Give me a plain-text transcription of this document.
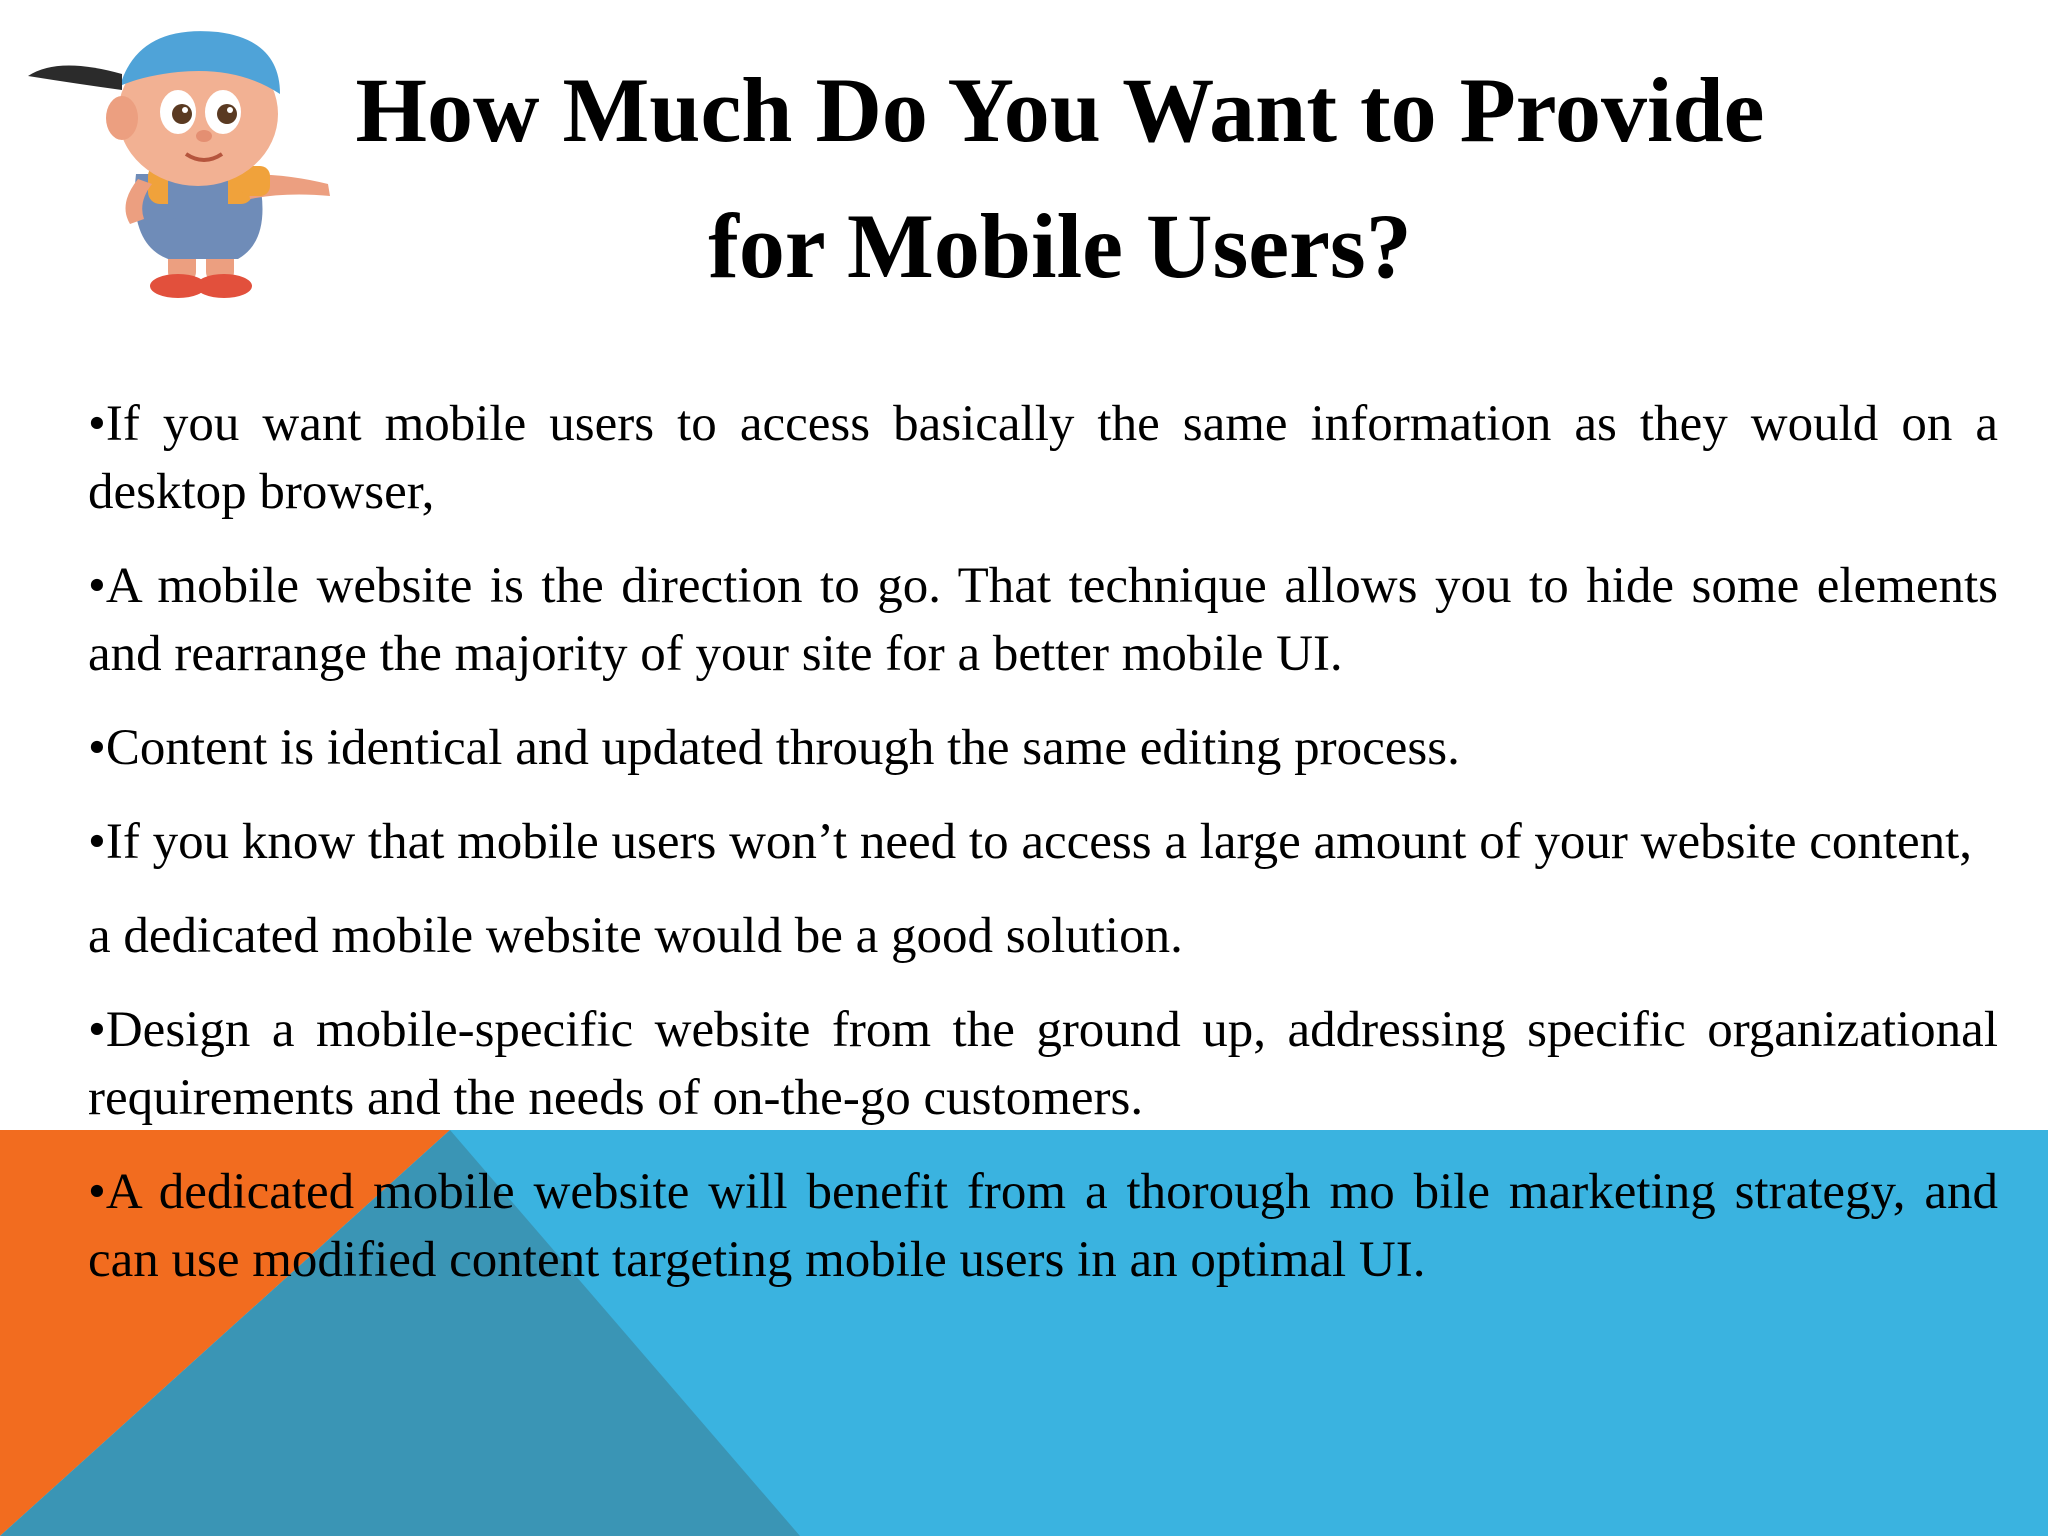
How Much Do You Want to Provide
for Mobile Users?

•If you want mobile users to access basically the same information as they would on a desktop browser,

•A mobile website is the direction to go. That technique allows you to hide some elements and rearrange the majority of your site for a better mobile UI.

•Content is identical and updated through the same editing process.

•If you know that mobile users won’t need to access a large amount of your website content,

a dedicated mobile website would be a good solution.

•Design a mobile-specific website from the ground up, addressing specific organizational requirements and the needs of on-the-go customers.

•A dedicated mobile website will benefit from a thorough mo bile marketing strategy, and can use modified content targeting mobile users in an optimal UI.
